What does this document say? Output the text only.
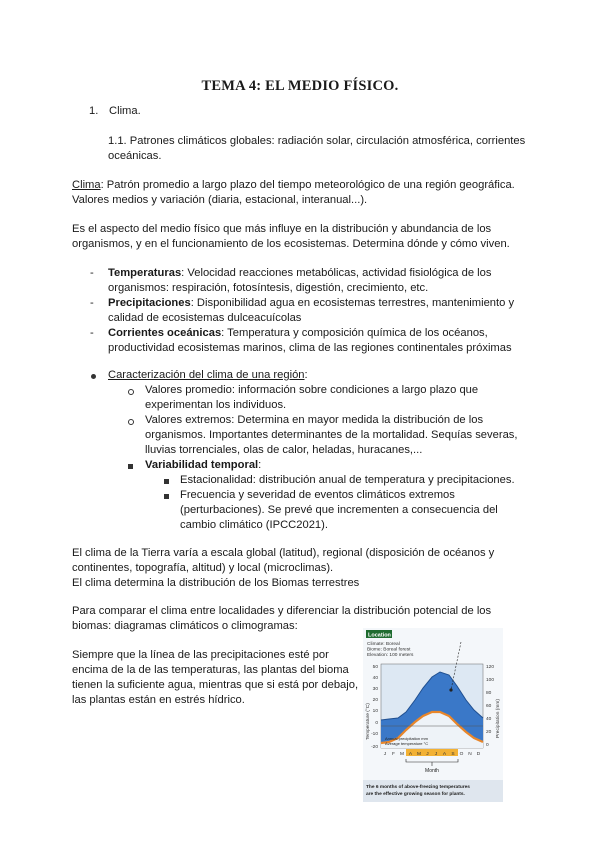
TEMA 4: EL MEDIO FÍSICO.
1. Clima.
1.1. Patrones climáticos globales: radiación solar, circulación atmosférica, corrientes
oceánicas.
Clima: Patrón promedio a largo plazo del tiempo meteorológico de una región geográfica.
Valores medios y variación (diaria, estacional, interanual...).
Es el aspecto del medio físico que más influye en la distribución y abundancia de los
organismos, y en el funcionamiento de los ecosistemas. Determina dónde y cómo viven.
- Temperaturas: Velocidad reacciones metabólicas, actividad fisiológica de los
organismos: respiración, fotosíntesis, digestión, crecimiento, etc.
- Precipitaciones: Disponibilidad agua en ecosistemas terrestres, mantenimiento y
calidad de ecosistemas dulceacuícolas
- Corrientes oceánicas: Temperatura y composición química de los océanos,
productividad ecosistemas marinos, clima de las regiones continentales próximas
Caracterización del clima de una región:
Valores promedio: información sobre condiciones a largo plazo que
experimentan los individuos.
Valores extremos: Determina en mayor medida la distribución de los
organismos. Importantes determinantes de la mortalidad. Sequías severas,
lluvias torrenciales, olas de calor, heladas, huracanes,...
Variabilidad temporal:
Estacionalidad: distribución anual de temperatura y precipitaciones.
Frecuencia y severidad de eventos climáticos extremos
(perturbaciones). Se prevé que incrementen a consecuencia del
cambio climático (IPCC2021).
El clima de la Tierra varía a escala global (latitud), regional (disposición de océanos y
continentes, topografía, altitud) y local (microclimas).
El clima determina la distribución de los Biomas terrestres
Para comparar el clima entre localidades y diferenciar la distribución potencial de los
biomas: diagramas climáticos o climogramas:
Siempre que la línea de las precipitaciones esté por
encima de la de las temperaturas, las plantas del bioma
tienen la suficiente agua, mientras que si está por debajo,
las plantas están en estrés hídrico.
Location
Climate: Boreal
Biome: Boreal forest
Elevation: 100 meters
50
40
30
20
10
0
-10
-20
120
100
80
60
40
20
0
Temperature (°C)	Precipitation (mm)
Annual precipitation mm
Average temperature °C
J F M A M J J A S O N D
Month
The 6 months of above-freezing temperatures
are the effective growing season for plants.
